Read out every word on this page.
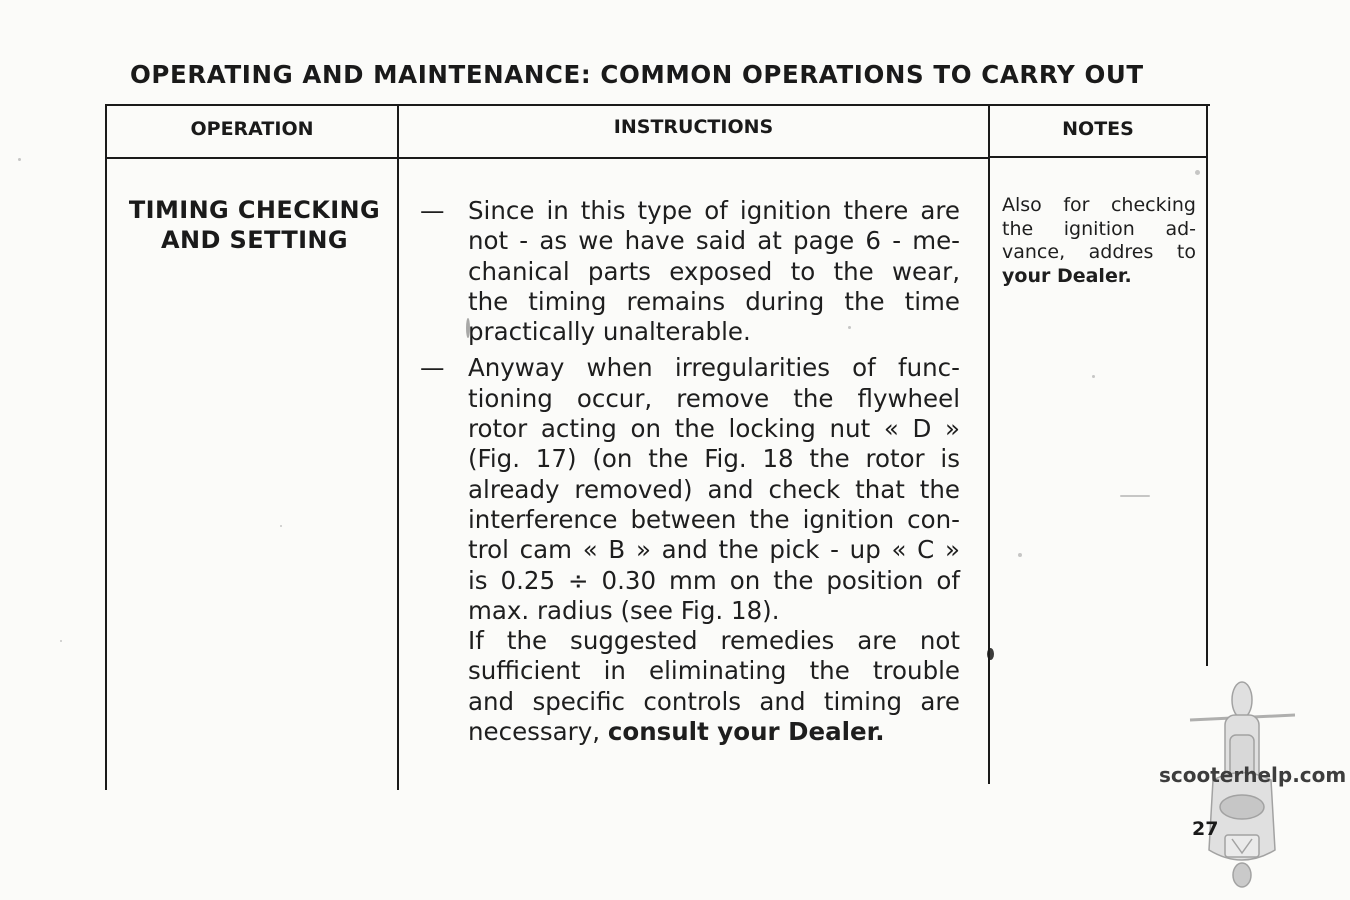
OPERATING AND MAINTENANCE: COMMON OPERATIONS TO CARRY OUT
OPERATION	INSTRUCTIONS	NOTES
TIMING CHECKING
AND SETTING
— Since in this type of ignition there are
not - as we have said at page 6 - me-
chanical parts exposed to the wear,
the timing remains during the time
practically unalterable.
— Anyway when irregularities of func-
tioning occur, remove the flywheel
rotor acting on the locking nut « D »
(Fig. 17) (on the Fig. 18 the rotor is
already removed) and check that the
interference between the ignition con-
trol cam « B » and the pick - up « C »
is 0.25 ÷ 0.30 mm on the position of
max. radius (see Fig. 18).
If the suggested remedies are not
sufficient in eliminating the trouble
and specific controls and timing are
necessary, consult your Dealer.
Also for checking
the ignition ad-
vance, addres to
your Dealer.
scooterhelp.com
27
